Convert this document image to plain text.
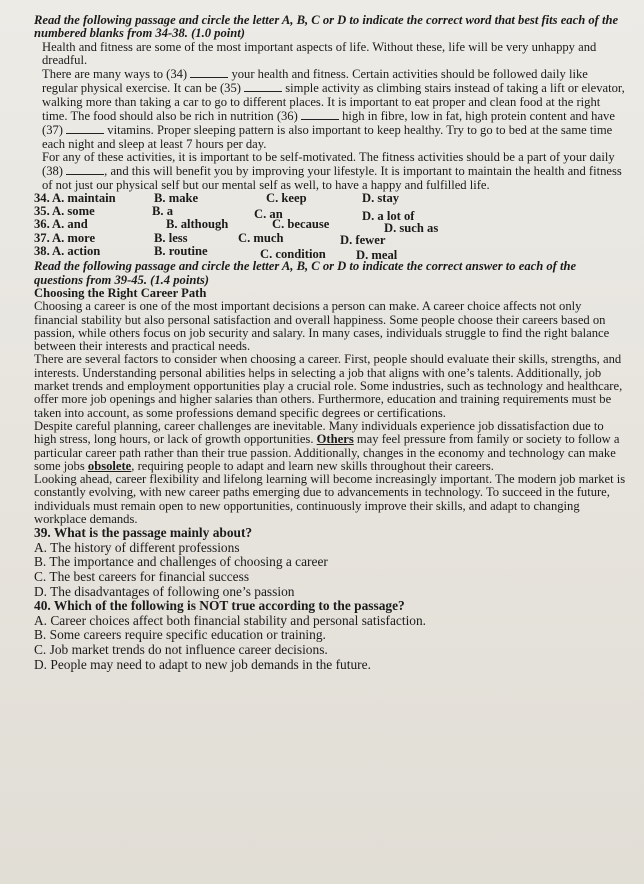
Read the following passage and circle the letter A, B, C or D to indicate the correct word that best fits each of the numbered blanks from 34-38. (1.0 point)

Health and fitness are some of the most important aspects of life. Without these, life will be very unhappy and dreadful.

There are many ways to (34)	your health and fitness. Certain activities should be followed daily like regular physical exercise. It can be (35)	simple activity as climbing stairs instead of taking a lift or elevator, walking more than taking a car to go to different places. It is important to eat proper and clean food at the right time. The food should also be rich in nutrition (36)	high in fibre, low in fat, high protein content and have (37)	vitamins. Proper sleeping pattern is also important to keep healthy. Try to go to bed at the same time each night and sleep at least 7 hours per day.

For any of these activities, it is important to be self-motivated. The fitness activities should be a part of your daily (38)	, and this will benefit you by improving your lifestyle. It is important to maintain the health and fitness of not just our physical self but our mental self as well, to have a happy and fulfilled life.

34. A. maintain	B. make	C. keep	D. stay
35. A. some	B. a	C. an	D. a lot of
36. A. and	B. although	C. because	D. such as
37. A. more	B. less	C. much	D. fewer
38. A. action	B. routine	C. condition D. meal

Read the following passage and circle the letter A, B, C or D to indicate the correct answer to each of the questions from 39-45. (1.4 points)

Choosing the Right Career Path

Choosing a career is one of the most important decisions a person can make. A career choice affects not only financial stability but also personal satisfaction and overall happiness. Some people choose their careers based on passion, while others focus on job security and salary. In many cases, individuals struggle to find the right balance between their interests and practical needs.

There are several factors to consider when choosing a career. First, people should evaluate their skills, strengths, and interests. Understanding personal abilities helps in selecting a job that aligns with one’s talents. Additionally, job market trends and employment opportunities play a crucial role. Some industries, such as technology and healthcare, offer more job openings and higher salaries than others. Furthermore, education and training requirements must be taken into account, as some professions demand specific degrees or certifications.

Despite careful planning, career challenges are inevitable. Many individuals experience job dissatisfaction due to high stress, long hours, or lack of growth opportunities. Others may feel pressure from family or society to follow a particular career path rather than their true passion. Additionally, changes in the economy and technology can make some jobs obsolete, requiring people to adapt and learn new skills throughout their careers.

Looking ahead, career flexibility and lifelong learning will become increasingly important. The modern job market is constantly evolving, with new career paths emerging due to advancements in technology. To succeed in the future, individuals must remain open to new opportunities, continuously improve their skills, and adapt to changing workplace demands.

39. What is the passage mainly about?

A. The history of different professions

B. The importance and challenges of choosing a career

C. The best careers for financial success

D. The disadvantages of following one’s passion

40. Which of the following is NOT true according to the passage?

A. Career choices affect both financial stability and personal satisfaction.

B. Some careers require specific education or training.

C. Job market trends do not influence career decisions.

D. People may need to adapt to new job demands in the future.
